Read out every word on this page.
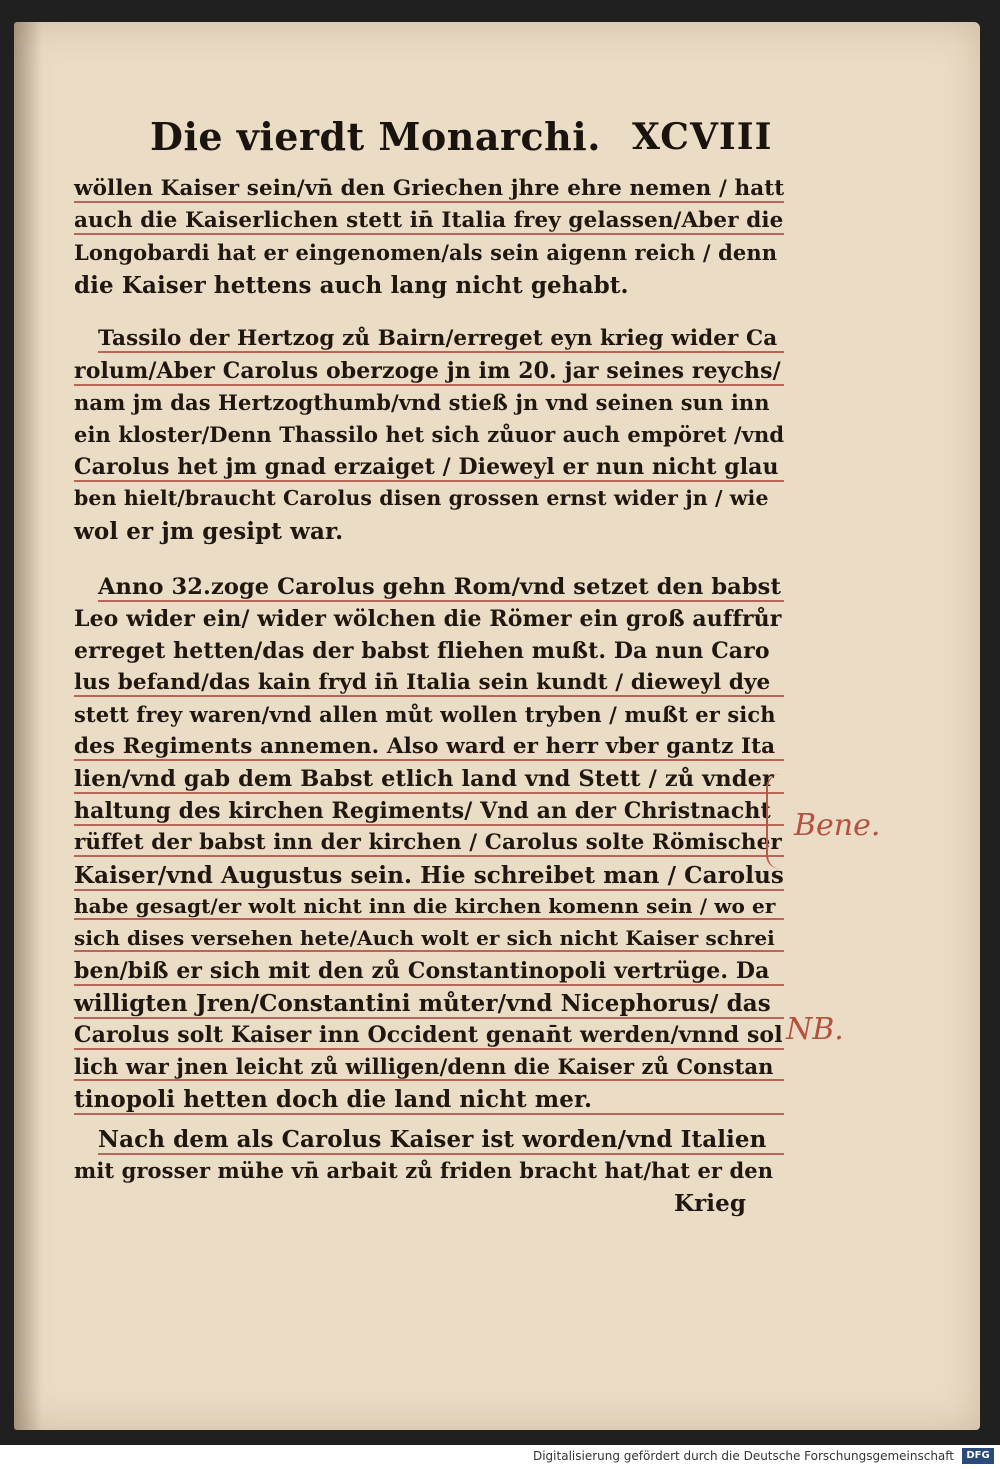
Die vierdt Monarchi. XCVIII
wöllen Kaiser sein/vn̄ den Griechen jhre ehre nemen / hatt
auch die Kaiserlichen stett in̄ Italia frey gelassen/Aber die
Longobardi hat er eingenomen/als sein aigenn reich / denn
die Kaiser hettens auch lang nicht gehabt.
Tassilo der Hertzog zů Bairn/erreget eyn krieg wider Ca
rolum/Aber Carolus oberzoge jn im 20. jar seines reychs/
nam jm das Hertzogthumb/vnd stieß jn vnd seinen sun inn
ein kloster/Denn Thassilo het sich zůuor auch empöret /vnd
Carolus het jm gnad erzaiget / Dieweyl er nun nicht glau
ben hielt/braucht Carolus disen grossen ernst wider jn / wie
wol er jm gesipt war.
Anno 32.zoge Carolus gehn Rom/vnd setzet den babst
Leo wider ein/ wider wölchen die Römer ein groß auffrůr
erreget hetten/das der babst fliehen mußt. Da nun Caro
lus befand/das kain fryd in̄ Italia sein kundt / dieweyl dye
stett frey waren/vnd allen můt wollen tryben / mußt er sich
des Regiments annemen. Also ward er herr vber gantz Ita
lien/vnd gab dem Babst etlich land vnd Stett / zů vnder
haltung des kirchen Regiments/ Vnd an der Christnacht
rüffet der babst inn der kirchen / Carolus solte Römischer
Kaiser/vnd Augustus sein. Hie schreibet man / Carolus
habe gesagt/er wolt nicht inn die kirchen komenn sein / wo er
sich dises versehen hete/Auch wolt er sich nicht Kaiser schrei
ben/biß er sich mit den zů Constantinopoli vertrüge. Da
willigten Jren/Constantini můter/vnd Nicephorus/ das
Carolus solt Kaiser inn Occident genan̄t werden/vnnd sol
lich war jnen leicht zů willigen/denn die Kaiser zů Constan
tinopoli hetten doch die land nicht mer.
Nach dem als Carolus Kaiser ist worden/vnd Italien
mit grosser mühe vn̄ arbait zů friden bracht hat/hat er den
Krieg
Bene.
NB.
Digitalisierung gefördert durch die Deutsche Forschungsgemeinschaft	DFG
